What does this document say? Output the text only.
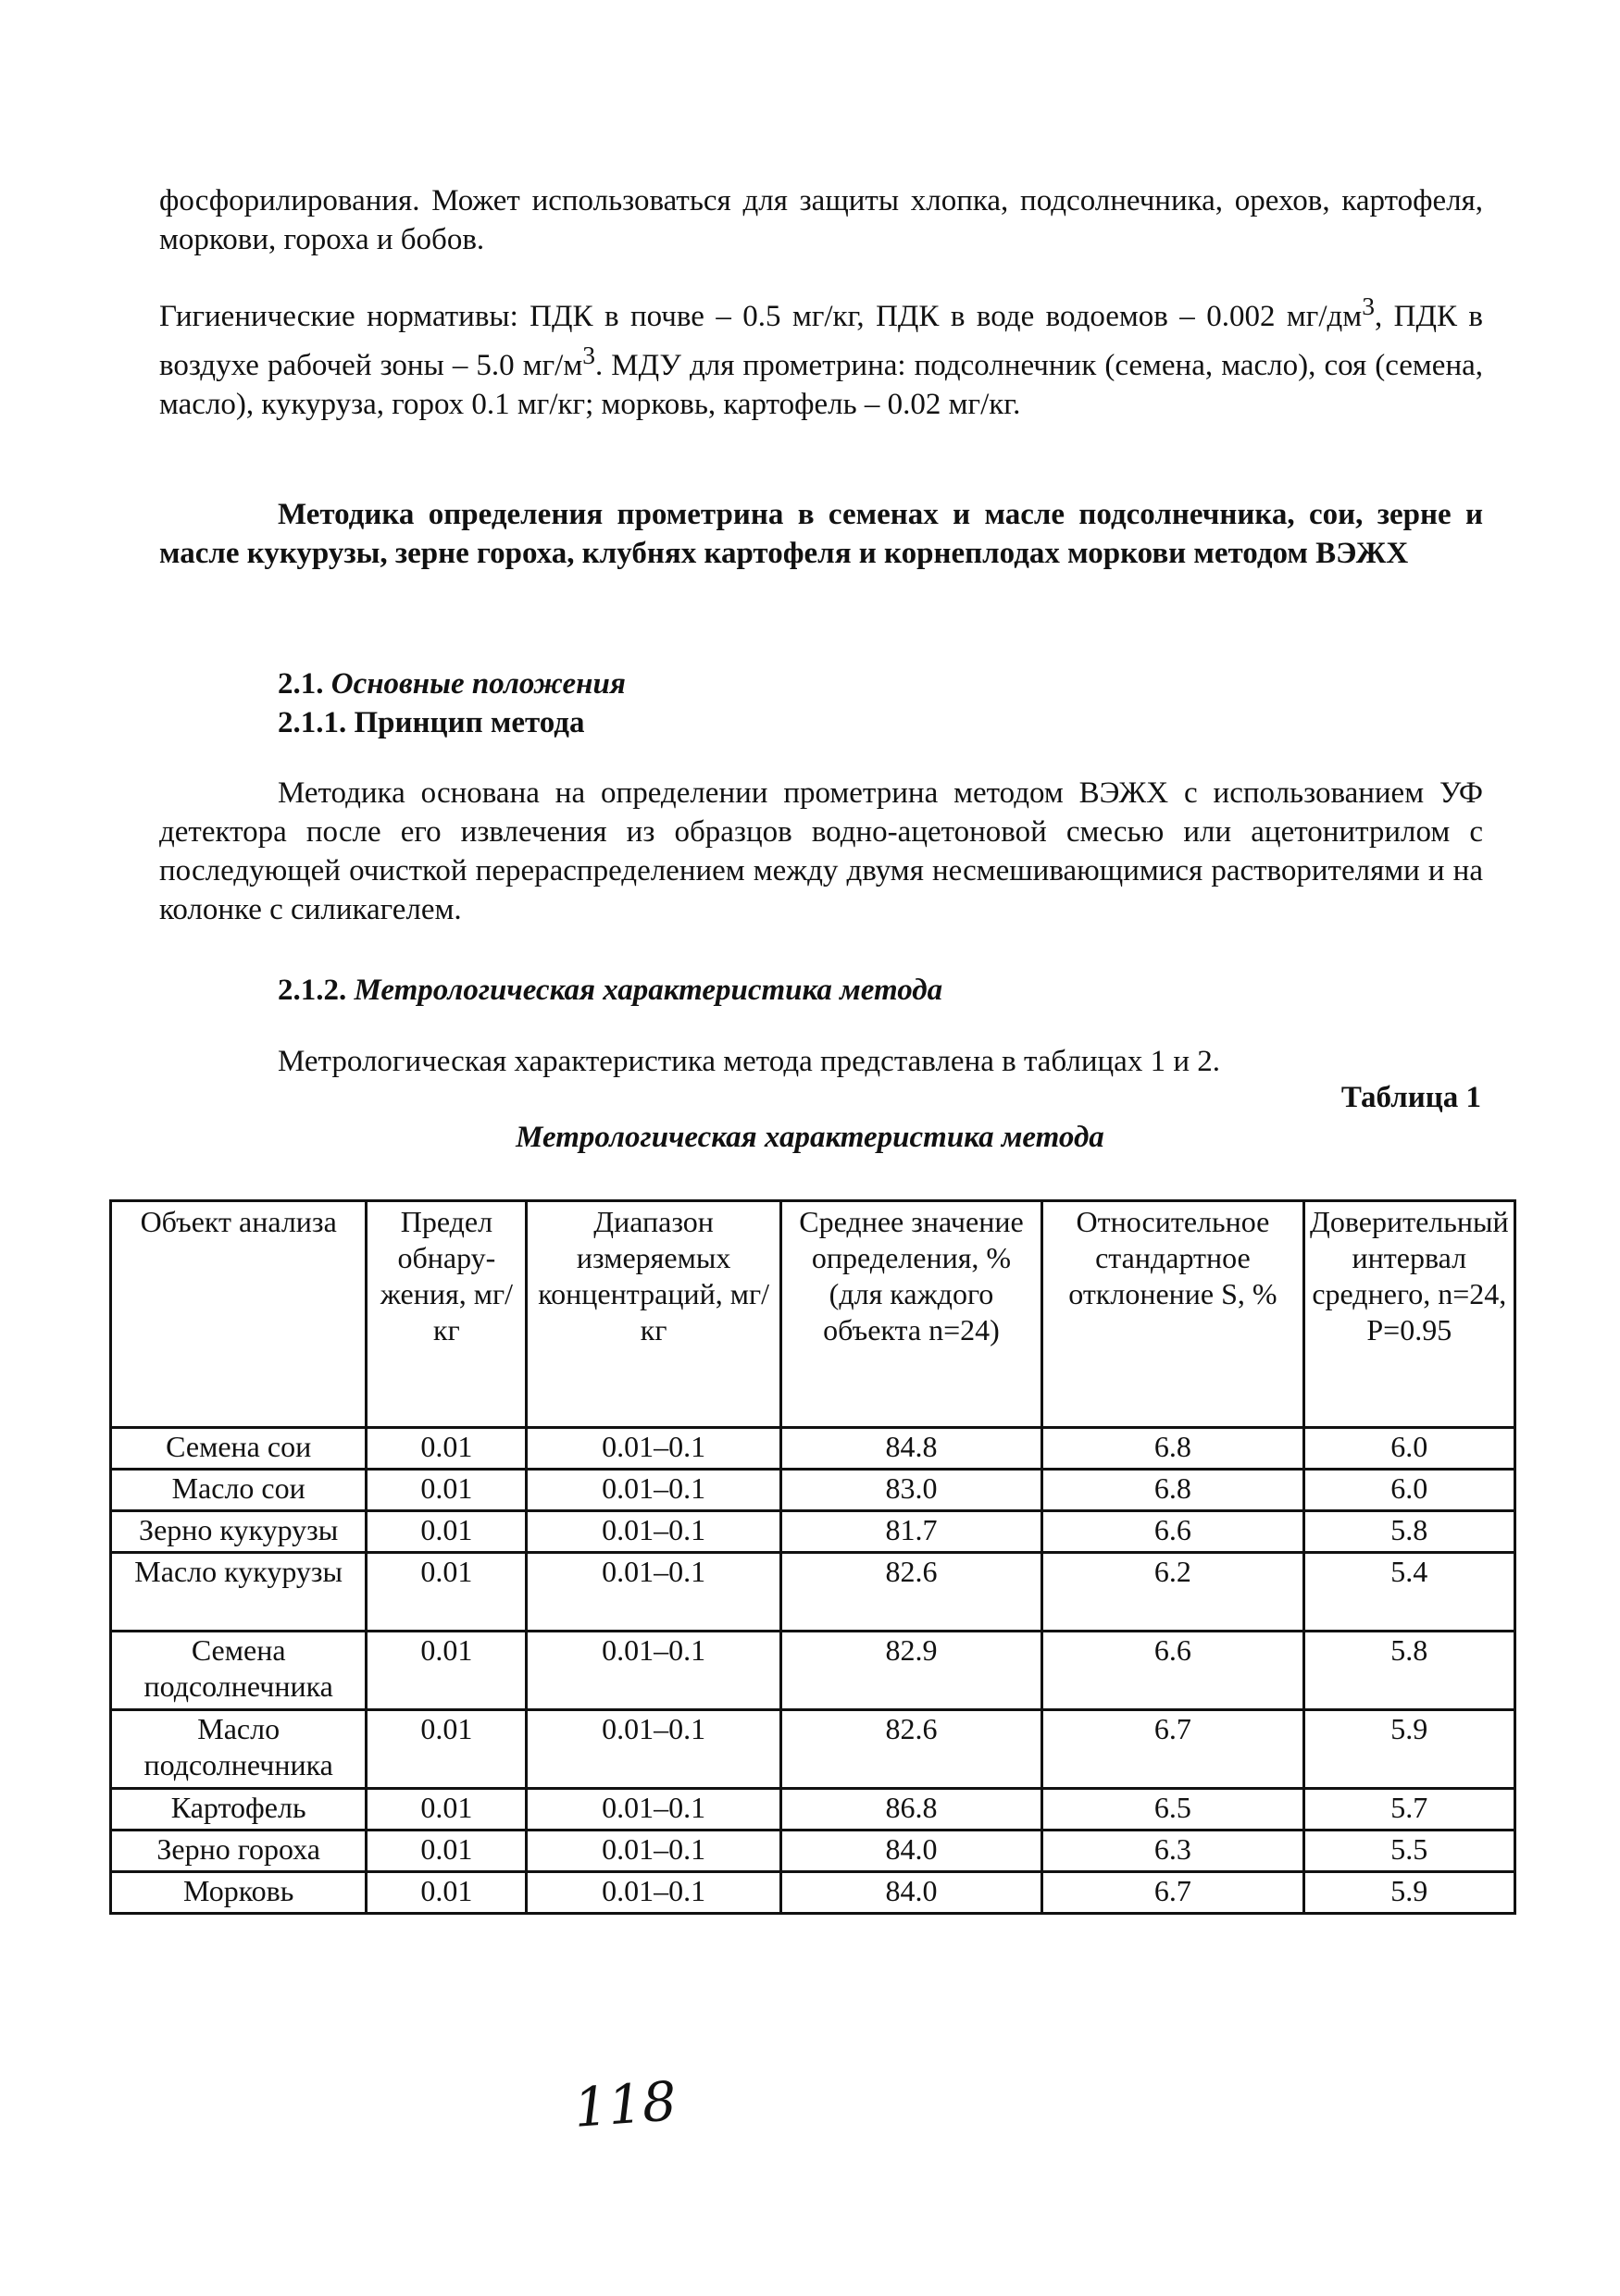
фосфорилирования. Может использоваться для защиты хлопка, подсолнечника, орехов, картофеля, моркови, гороха и бобов.
Гигиенические нормативы: ПДК в почве – 0.5 мг/кг, ПДК в воде водоемов – 0.002 $мг/дм^3$, ПДК в воздухе рабочей зоны – 5.0 $мг/м^3$. МДУ для прометрина: подсолнечник (семена, масло), соя (семена, масло), кукуруза, горох 0.1 мг/кг; морковь, картофель – 0.02 мг/кг.
Методика определения прометрина в семенах и масле подсолнечника, сои, зерне и масле кукурузы, зерне гороха, клубнях картофеля и корнеплодах моркови методом ВЭЖХ
2.1. Основные положения
2.1.1. Принцип метода
Методика основана на определении прометрина методом ВЭЖХ с использованием УФ детектора после его извлечения из образцов водно-ацетоновой смесью или ацетонитрилом с последующей очисткой перераспределением между двумя несмешивающимися растворителями и на колонке с силикагелем.
2.1.2. Метрологическая характеристика метода
Метрологическая характеристика метода представлена в таблицах 1 и 2.
Таблица 1
Метрологическая характеристика метода
Объект анализа	Предел обнару-жения, мг/кг	Диапазон измеряемых концентраций, мг/кг	Среднее значение определения, % (для каждого объекта n=24)	Относительное стандартное отклонение S, %	Доверительный интервал среднего, n=24, P=0.95
Семена сои	0.01	0.01–0.1	84.8	6.8	6.0
Масло сои	0.01	0.01–0.1	83.0	6.8	6.0
Зерно кукурузы	0.01	0.01–0.1	81.7	6.6	5.8
Масло кукурузы	0.01	0.01–0.1	82.6	6.2	5.4
Семена подсолнечника	0.01	0.01–0.1	82.9	6.6	5.8
Масло подсолнечника	0.01	0.01–0.1	82.6	6.7	5.9
Картофель	0.01	0.01–0.1	86.8	6.5	5.7
Зерно гороха	0.01	0.01–0.1	84.0	6.3	5.5
Морковь	0.01	0.01–0.1	84.0	6.7	5.9
118
